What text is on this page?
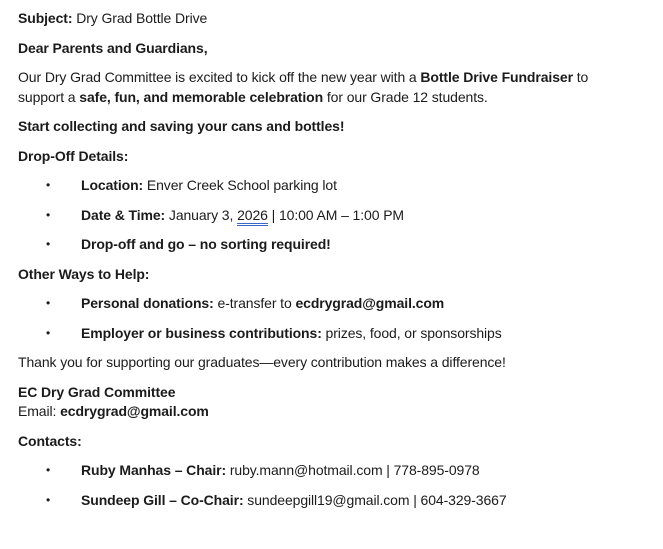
Subject: Dry Grad Bottle Drive

Dear Parents and Guardians,

Our Dry Grad Committee is excited to kick off the new year with a Bottle Drive Fundraiser to support a safe, fun, and memorable celebration for our Grade 12 students.

Start collecting and saving your cans and bottles!

Drop-Off Details:

•	Location: Enver Creek School parking lot
•	Date & Time: January 3, 2026 | 10:00 AM – 1:00 PM
•	Drop-off and go – no sorting required!

Other Ways to Help:

•	Personal donations: e-transfer to ecdrygrad@gmail.com
•	Employer or business contributions: prizes, food, or sponsorships

Thank you for supporting our graduates—every contribution makes a difference!

EC Dry Grad Committee
Email: ecdrygrad@gmail.com

Contacts:

•	Ruby Manhas – Chair: ruby.mann@hotmail.com | 778-895-0978
•	Sundeep Gill – Co-Chair: sundeepgill19@gmail.com | 604-329-3667
